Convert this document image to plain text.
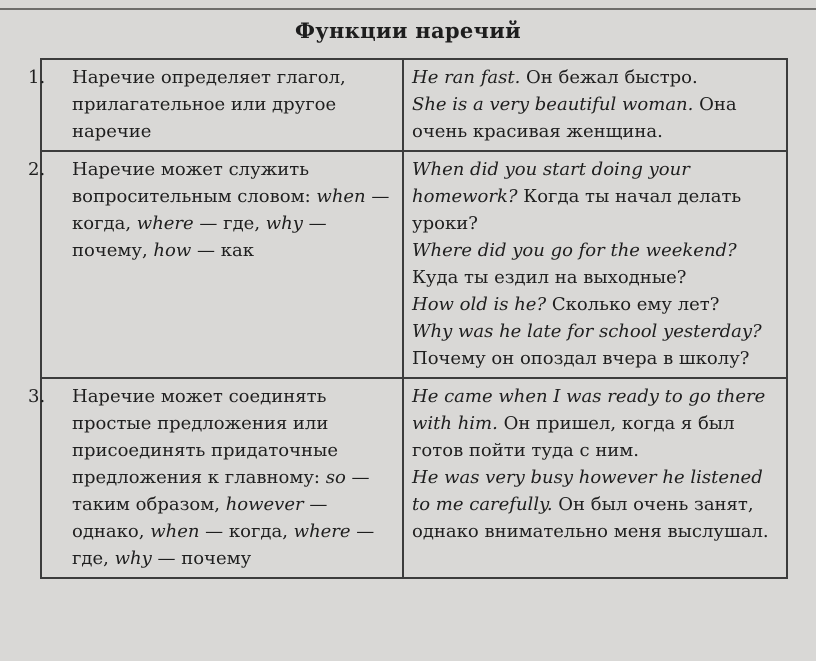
Функции наречий
1. Наречие определяет глагол, прилагательное или другое наречие	He ran fast. Он бежал быстро.
She is a very beautiful woman. Она очень красивая женщина.

2. Наречие может служить вопросительным словом: when — когда, where — где, why — почему, how — как	When did you start doing your homework? Когда ты начал делать уроки?
Where did you go for the weekend? Куда ты ездил на выходные?
How old is he? Сколько ему лет?
Why was he late for school yesterday? Почему он опоздал вчера в школу?

3. Наречие может соединять простые предложения или присоединять придаточные предложения к главному: so — таким образом, however — однако, when — когда, where — где, why — почему	He came when I was ready to go there with him. Он пришел, когда я был готов пойти туда с ним.
He was very busy however he listened to me carefully. Он был очень занят, однако внимательно меня выслушал.
